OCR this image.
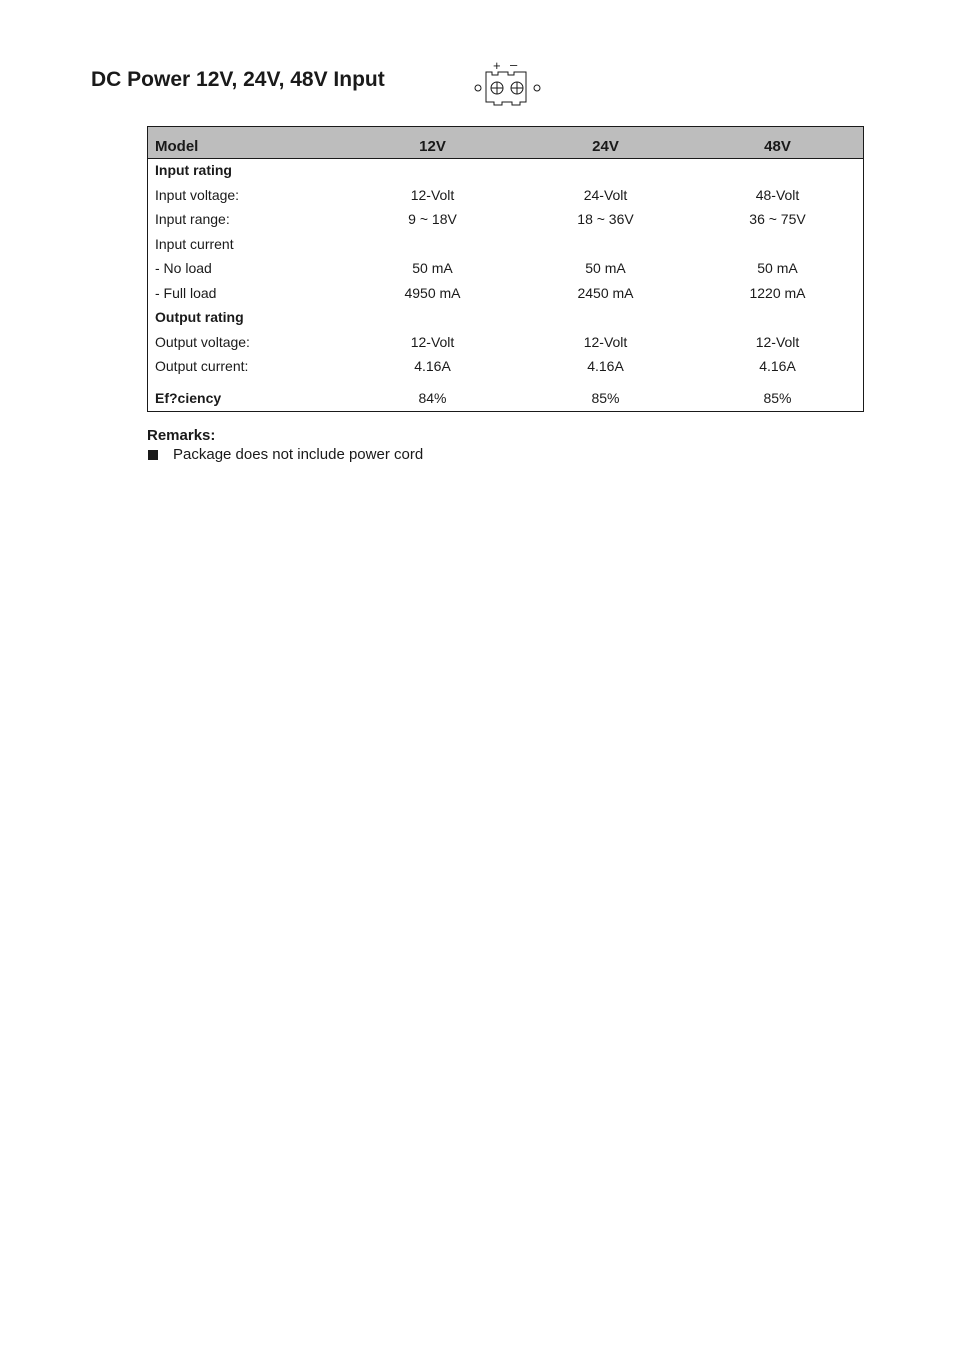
DC Power 12V, 24V, 48V Input
+ –
Model	12V	24V	48V
Input rating
Input voltage:	12-Volt	24-Volt	48-Volt
Input range:	9 ~ 18V	18 ~ 36V	36 ~ 75V
Input current
- No load	50 mA	50 mA	50 mA
- Full load	4950 mA	2450 mA	1220 mA
Output rating
Output voltage:	12-Volt	12-Volt	12-Volt
Output current:	4.16A	4.16A	4.16A
Ef?ciency	84%	85%	85%
Remarks:
Package does not include power cord
